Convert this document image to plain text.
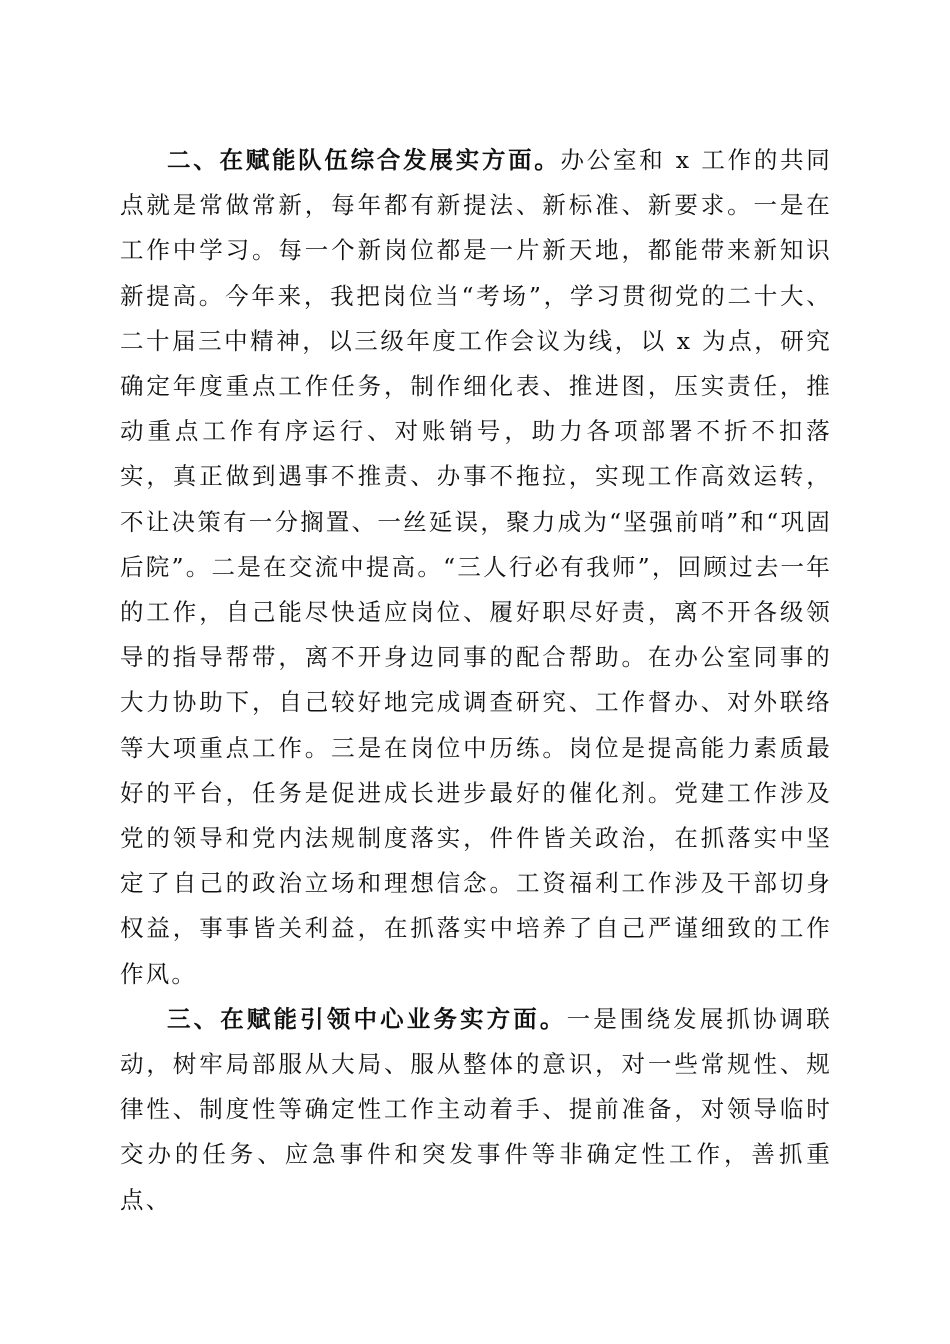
二、在赋能队伍综合发展实方面。办公室和 x 工作的共同点就是常做常新，每年都有新提法、新标准、新要求。一是在工作中学习。每一个新岗位都是一片新天地，都能带来新知识新提高。今年来，我把岗位当“考场”，学习贯彻党的二十大、二十届三中精神，以三级年度工作会议为线，以 x 为点，研究确定年度重点工作任务，制作细化表、推进图，压实责任，推动重点工作有序运行、对账销号，助力各项部署不折不扣落实，真正做到遇事不推责、办事不拖拉，实现工作高效运转，不让决策有一分搁置、一丝延误，聚力成为“坚强前哨”和“巩固后院”。二是在交流中提高。“三人行必有我师”，回顾过去一年的工作，自己能尽快适应岗位、履好职尽好责，离不开各级领导的指导帮带，离不开身边同事的配合帮助。在办公室同事的大力协助下，自己较好地完成调查研究、工作督办、对外联络等大项重点工作。三是在岗位中历练。岗位是提高能力素质最好的平台，任务是促进成长进步最好的催化剂。党建工作涉及党的领导和党内法规制度落实，件件皆关政治，在抓落实中坚定了自己的政治立场和理想信念。工资福利工作涉及干部切身权益，事事皆关利益，在抓落实中培养了自己严谨细致的工作作风。

三、在赋能引领中心业务实方面。一是围绕发展抓协调联动，树牢局部服从大局、服从整体的意识，对一些常规性、规律性、制度性等确定性工作主动着手、提前准备，对领导临时交办的任务、应急事件和突发事件等非确定性工作，善抓重点、
